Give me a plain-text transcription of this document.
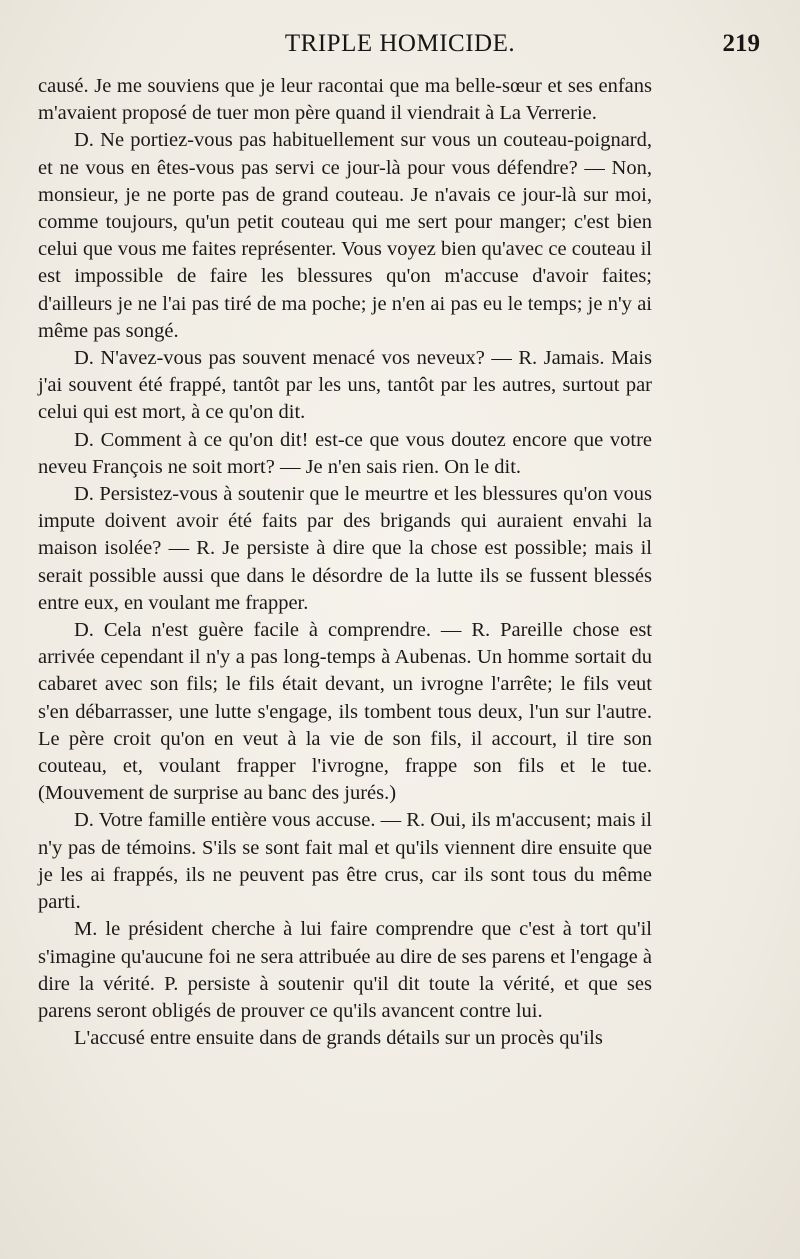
TRIPLE HOMICIDE.	219

causé. Je me souviens que je leur racontai que ma belle-sœur et ses enfans m'avaient proposé de tuer mon père quand il viendrait à La Verrerie.

D. Ne portiez-vous pas habituellement sur vous un couteau-poignard, et ne vous en êtes-vous pas servi ce jour-là pour vous défendre? — Non, monsieur, je ne porte pas de grand couteau. Je n'avais ce jour-là sur moi, comme toujours, qu'un petit couteau qui me sert pour manger; c'est bien celui que vous me faites représenter. Vous voyez bien qu'avec ce couteau il est impossible de faire les blessures qu'on m'accuse d'avoir faites; d'ailleurs je ne l'ai pas tiré de ma poche; je n'en ai pas eu le temps; je n'y ai même pas songé.

D. N'avez-vous pas souvent menacé vos neveux? — R. Jamais. Mais j'ai souvent été frappé, tantôt par les uns, tantôt par les autres, surtout par celui qui est mort, à ce qu'on dit.

D. Comment à ce qu'on dit! est-ce que vous doutez encore que votre neveu François ne soit mort? — Je n'en sais rien. On le dit.

D. Persistez-vous à soutenir que le meurtre et les blessures qu'on vous impute doivent avoir été faits par des brigands qui auraient envahi la maison isolée? — R. Je persiste à dire que la chose est possible; mais il serait possible aussi que dans le désordre de la lutte ils se fussent blessés entre eux, en voulant me frapper.

D. Cela n'est guère facile à comprendre. — R. Pareille chose est arrivée cependant il n'y a pas long-temps à Aubenas. Un homme sortait du cabaret avec son fils; le fils était devant, un ivrogne l'arrête; le fils veut s'en débarrasser, une lutte s'engage, ils tombent tous deux, l'un sur l'autre. Le père croit qu'on en veut à la vie de son fils, il accourt, il tire son couteau, et, voulant frapper l'ivrogne, frappe son fils et le tue. (Mouvement de surprise au banc des jurés.)

D. Votre famille entière vous accuse. — R. Oui, ils m'accusent; mais il n'y pas de témoins. S'ils se sont fait mal et qu'ils viennent dire ensuite que je les ai frappés, ils ne peuvent pas être crus, car ils sont tous du même parti.

M. le président cherche à lui faire comprendre que c'est à tort qu'il s'imagine qu'aucune foi ne sera attribuée au dire de ses parens et l'engage à dire la vérité. P. persiste à soutenir qu'il dit toute la vérité, et que ses parens seront obligés de prouver ce qu'ils avancent contre lui.

L'accusé entre ensuite dans de grands détails sur un procès qu'ils
